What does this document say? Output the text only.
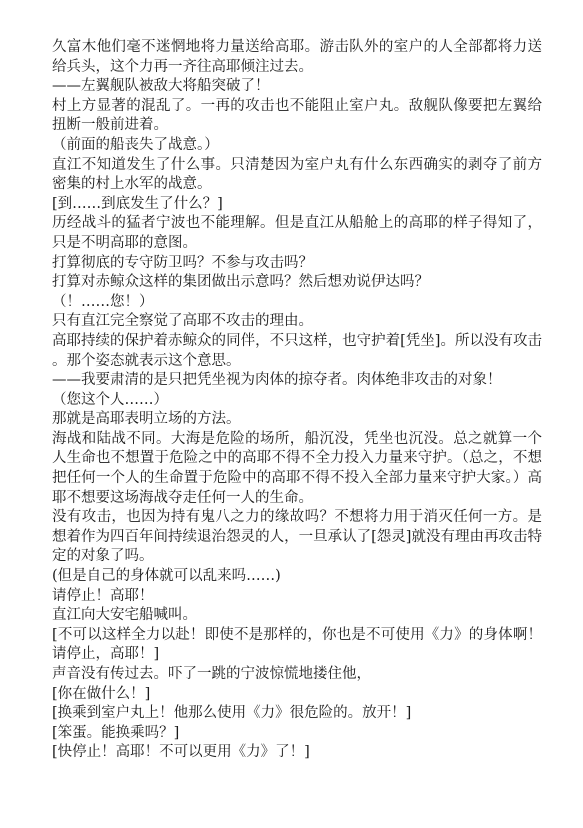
久富木他们毫不迷惘地将力量送给高耶。游击队外的室户的人全部都将力送给兵头，这个力再一齐往高耶倾注过去。

——左翼舰队被敌大将船突破了！

村上方显著的混乱了。一再的攻击也不能阻止室户丸。敌舰队像要把左翼给扭断一般前进着。

（前面的船丧失了战意。）

直江不知道发生了什么事。只清楚因为室户丸有什么东西确实的剥夺了前方密集的村上水军的战意。

[到……到底发生了什么？]

历经战斗的猛者宁波也不能理解。但是直江从船舱上的高耶的样子得知了，只是不明高耶的意图。

打算彻底的专守防卫吗？不参与攻击吗？

打算对赤鲸众这样的集团做出示意吗？然后想劝说伊达吗？

（！……您！）

只有直江完全察觉了高耶不攻击的理由。

高耶持续的保护着赤鲸众的同伴，不只这样，也守护着[凭坐]。所以没有攻击。那个姿态就表示这个意思。

——我要肃清的是只把凭坐视为肉体的掠夺者。肉体绝非攻击的对象！

（您这个人……）

那就是高耶表明立场的方法。

海战和陆战不同。大海是危险的场所，船沉没，凭坐也沉没。总之就算一个人生命也不想置于危险之中的高耶不得不全力投入力量来守护。（总之，不想把任何一个人的生命置于危险中的高耶不得不投入全部力量来守护大家。）高耶不想要这场海战夺走任何一人的生命。

没有攻击，也因为持有鬼八之力的缘故吗？不想将力用于消灭任何一方。是想着作为四百年间持续退治怨灵的人，一旦承认了[怨灵]就没有理由再攻击特定的对象了吗。

(但是自己的身体就可以乱来吗……)

请停止！高耶！

直江向大安宅船喊叫。

[不可以这样全力以赴！即使不是那样的，你也是不可使用《力》的身体啊！请停止，高耶！]

声音没有传过去。吓了一跳的宁波惊慌地搂住他，

[你在做什么！]

[换乘到室户丸上！他那么使用《力》很危险的。放开！]

[笨蛋。能换乘吗？]

[快停止！高耶！不可以更用《力》了！]
